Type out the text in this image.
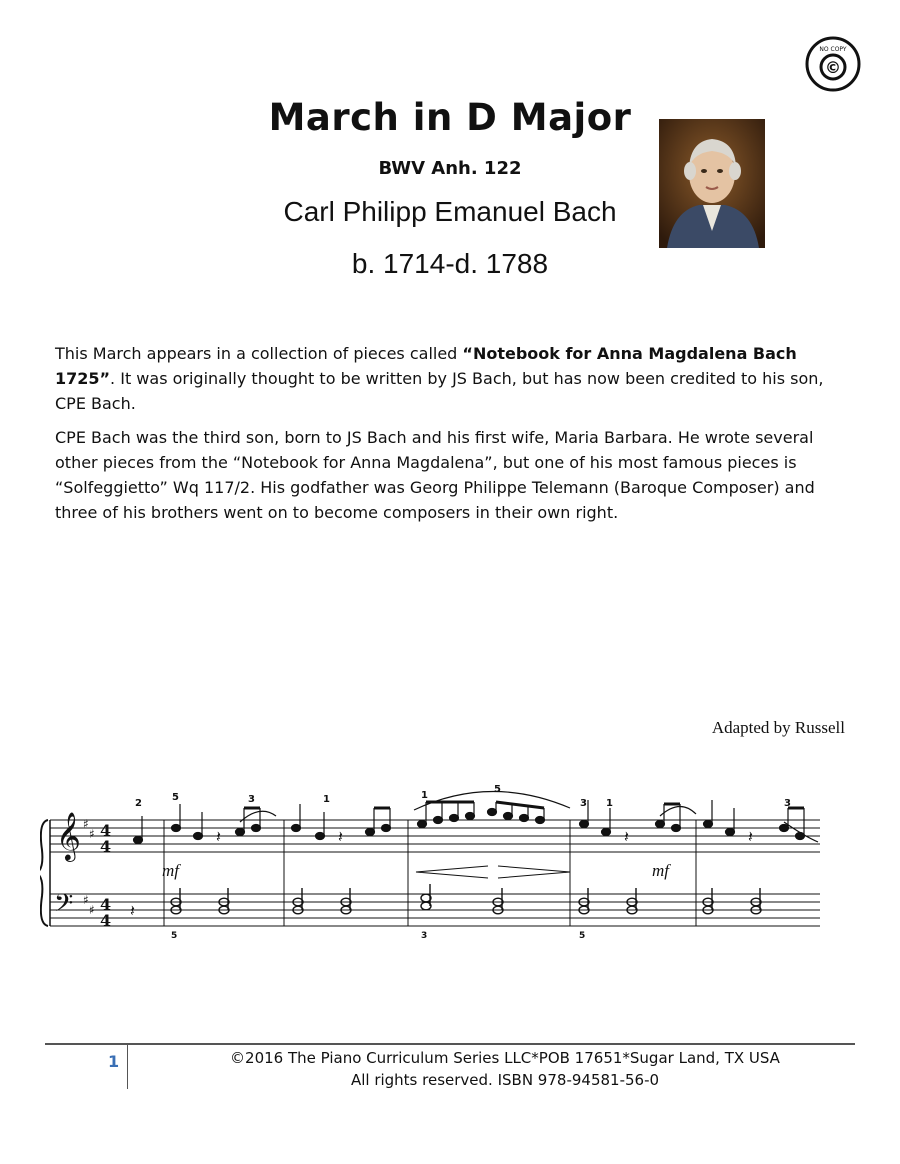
©
NO COPY
March in D Major
BWV Anh. 122
Carl Philipp Emanuel Bach
b. 1714-d. 1788
This March appears in a collection of pieces called “Notebook for Anna Magdalena Bach 1725”. It was originally thought to be written by JS Bach, but has now been credited to his son, CPE Bach.
CPE Bach was the third son, born to JS Bach and his first wife, Maria Barbara. He wrote several other pieces from the “Notebook for Anna Magdalena”, but one of his most famous pieces is “Solfeggietto” Wq 117/2. His godfather was Georg Philippe Telemann (Baroque Composer) and three of his brothers went on to become composers in their own right.
Adapted by Russell
𝄞
𝄢
♯
♯
♯
♯
4
4
4
4
𝄽	𝄽	𝄽	𝄽
2
5	3	1	1
5
3 1	3
mf	mf
𝄽
5	3	5
1	©2016 The Piano Curriculum Series LLC*POB 17651*Sugar Land, TX USA
All rights reserved. ISBN 978-94581-56-0
